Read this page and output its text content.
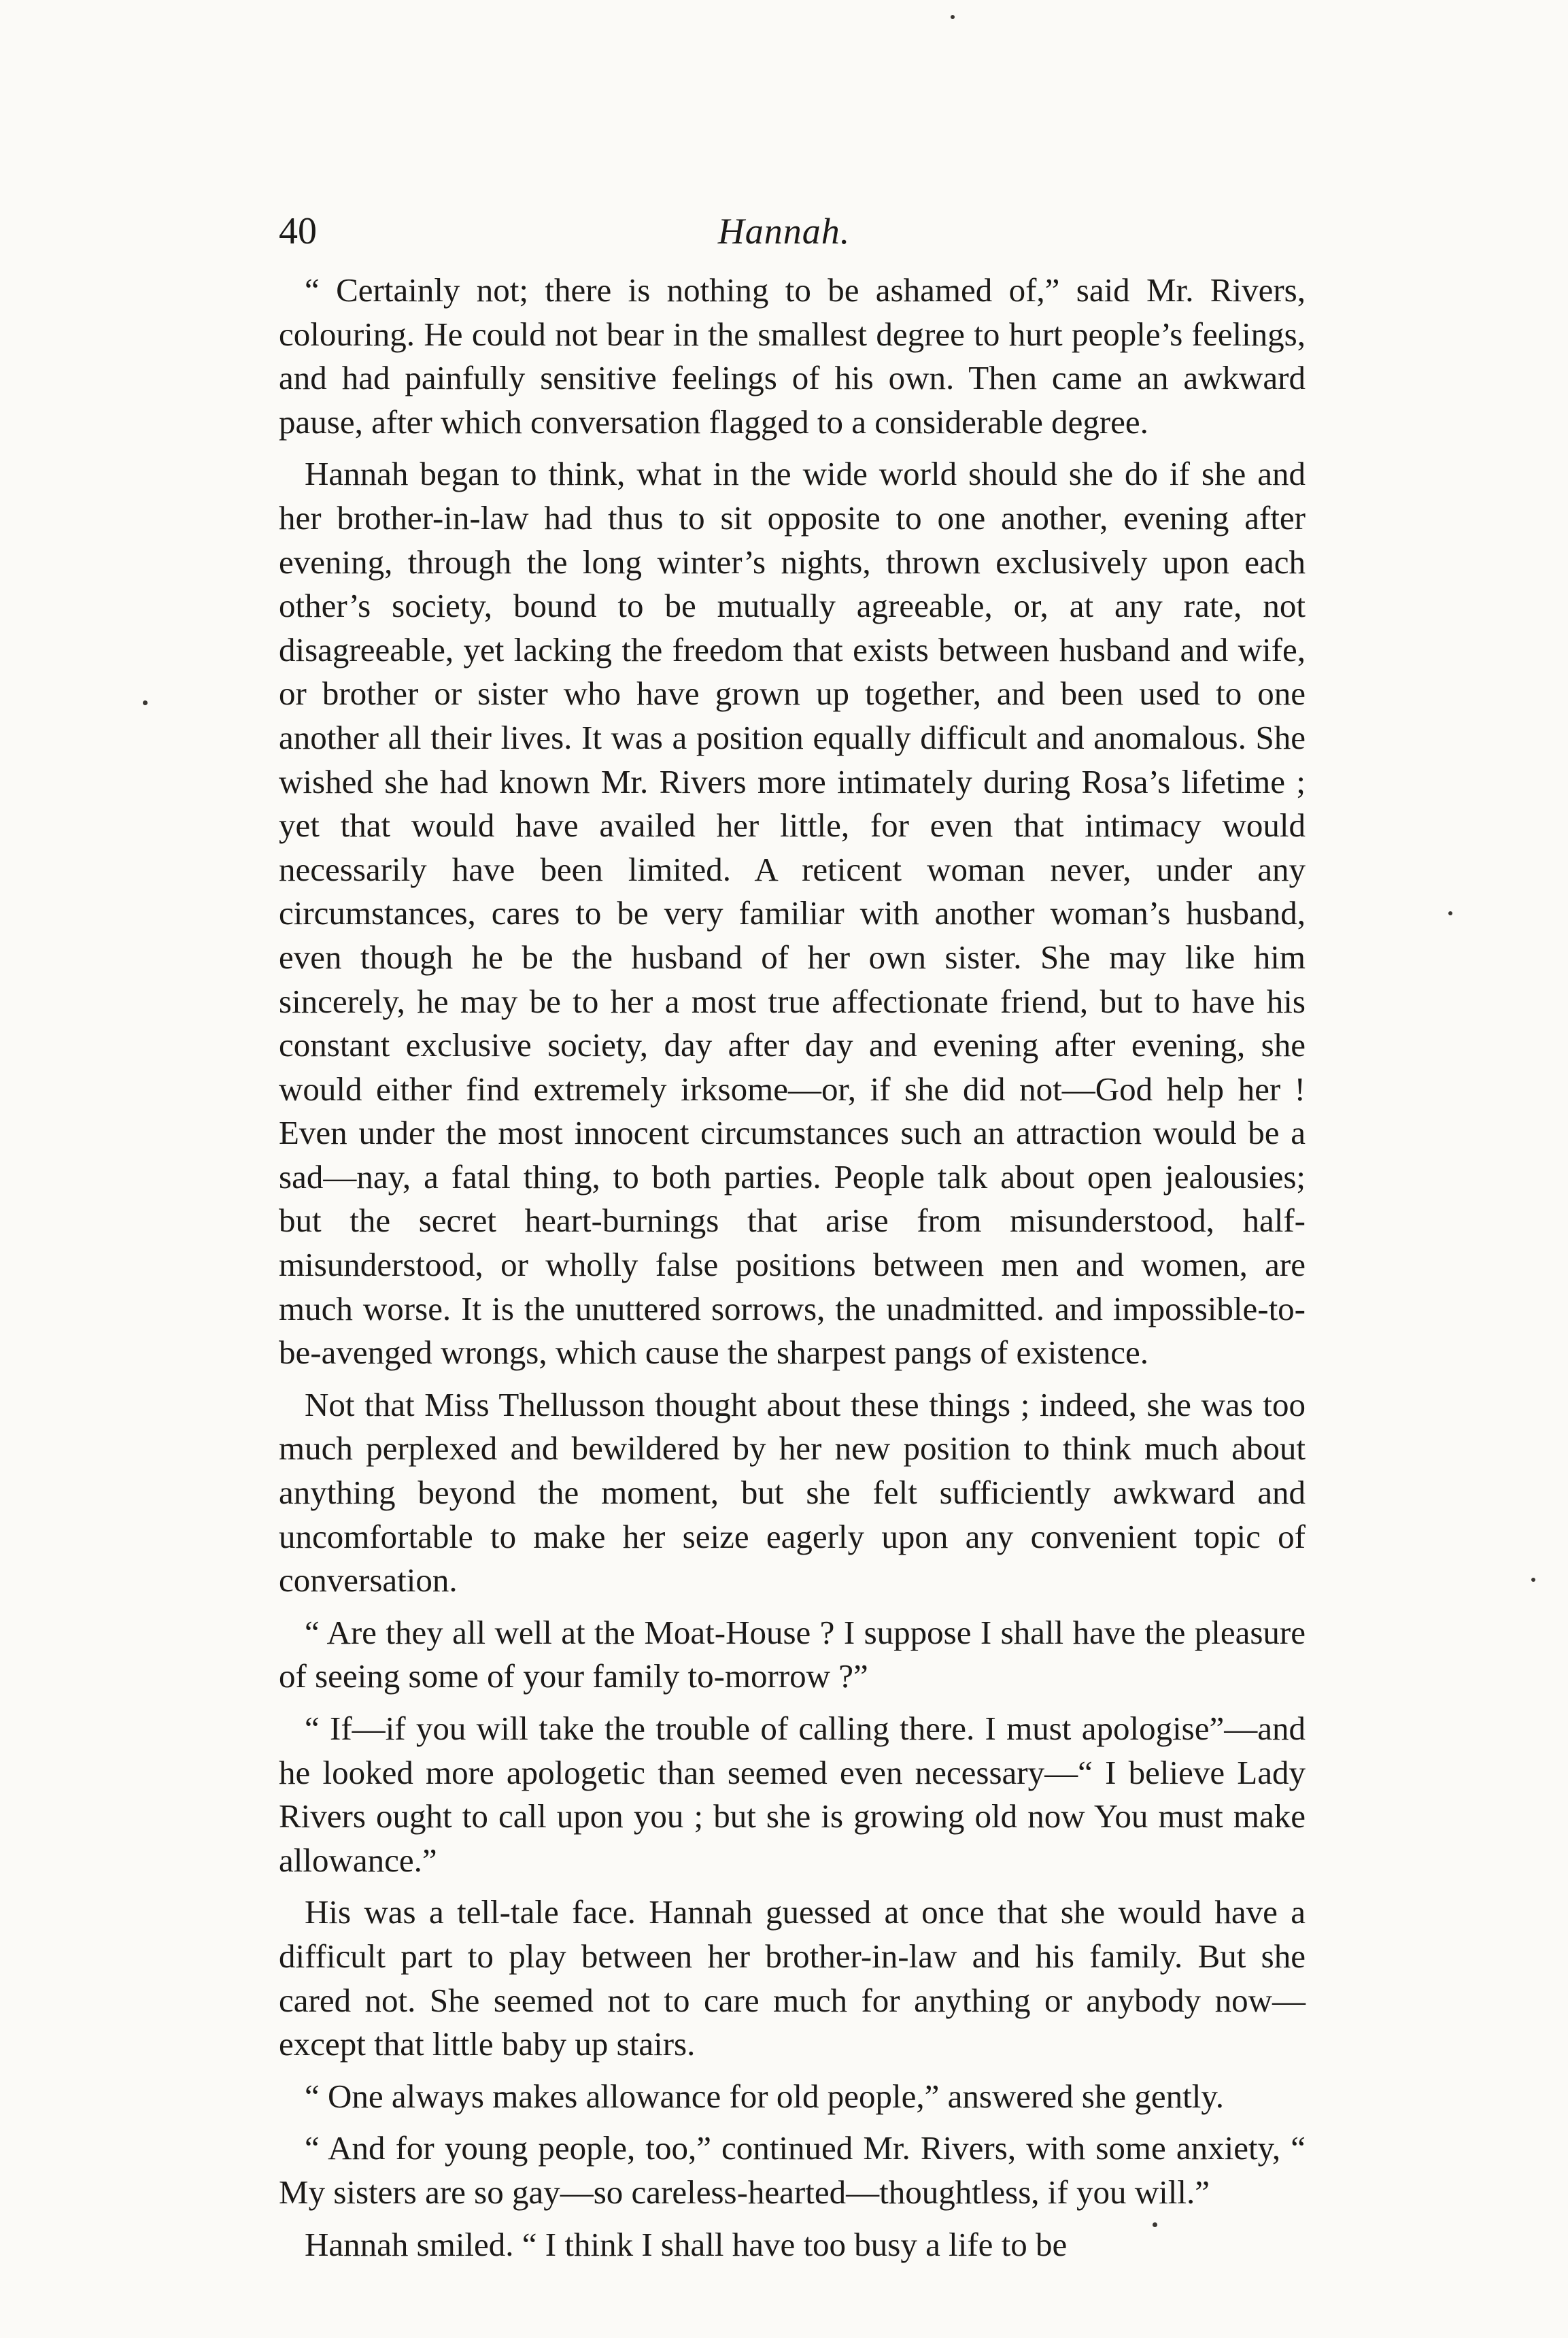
40	Hannah.

“ Certainly not; there is nothing to be ashamed of,” said Mr. Rivers, colouring. He could not bear in the smallest degree to hurt people’s feelings, and had painfully sensitive feelings of his own. Then came an awkward pause, after which conversation flagged to a considerable degree.

Hannah began to think, what in the wide world should she do if she and her brother-in-law had thus to sit opposite to one another, evening after evening, through the long winter’s nights, thrown exclusively upon each other’s society, bound to be mutually agreeable, or, at any rate, not disagreeable, yet lacking the freedom that exists between husband and wife, or brother or sister who have grown up together, and been used to one another all their lives. It was a position equally difficult and anomalous. She wished she had known Mr. Rivers more intimately during Rosa’s lifetime ; yet that would have availed her little, for even that intimacy would necessarily have been limited. A reticent woman never, under any circumstances, cares to be very familiar with another woman’s husband, even though he be the husband of her own sister. She may like him sincerely, he may be to her a most true affectionate friend, but to have his constant exclusive society, day after day and evening after evening, she would either find extremely irksome—or, if she did not—God help her ! Even under the most innocent circumstances such an attraction would be a sad—nay, a fatal thing, to both parties. People talk about open jealousies; but the secret heart-burnings that arise from misunderstood, half-misunderstood, or wholly false positions between men and women, are much worse. It is the unuttered sorrows, the unadmitted. and impossible-to-be-avenged wrongs, which cause the sharpest pangs of existence.

Not that Miss Thellusson thought about these things ; indeed, she was too much perplexed and bewildered by her new position to think much about anything beyond the moment, but she felt sufficiently awkward and uncomfortable to make her seize eagerly upon any convenient topic of conversation.

“ Are they all well at the Moat-House ? I suppose I shall have the pleasure of seeing some of your family to-morrow ?”

“ If—if you will take the trouble of calling there. I must apologise”—and he looked more apologetic than seemed even necessary—“ I believe Lady Rivers ought to call upon you ; but she is growing old now You must make allowance.”

His was a tell-tale face. Hannah guessed at once that she would have a difficult part to play between her brother-in-law and his family. But she cared not. She seemed not to care much for anything or anybody now—except that little baby up stairs.

“ One always makes allowance for old people,” answered she gently.

“ And for young people, too,” continued Mr. Rivers, with some anxiety, “ My sisters are so gay—so careless-hearted—thoughtless, if you will.”

Hannah smiled. “ I think I shall have too busy a life to be
